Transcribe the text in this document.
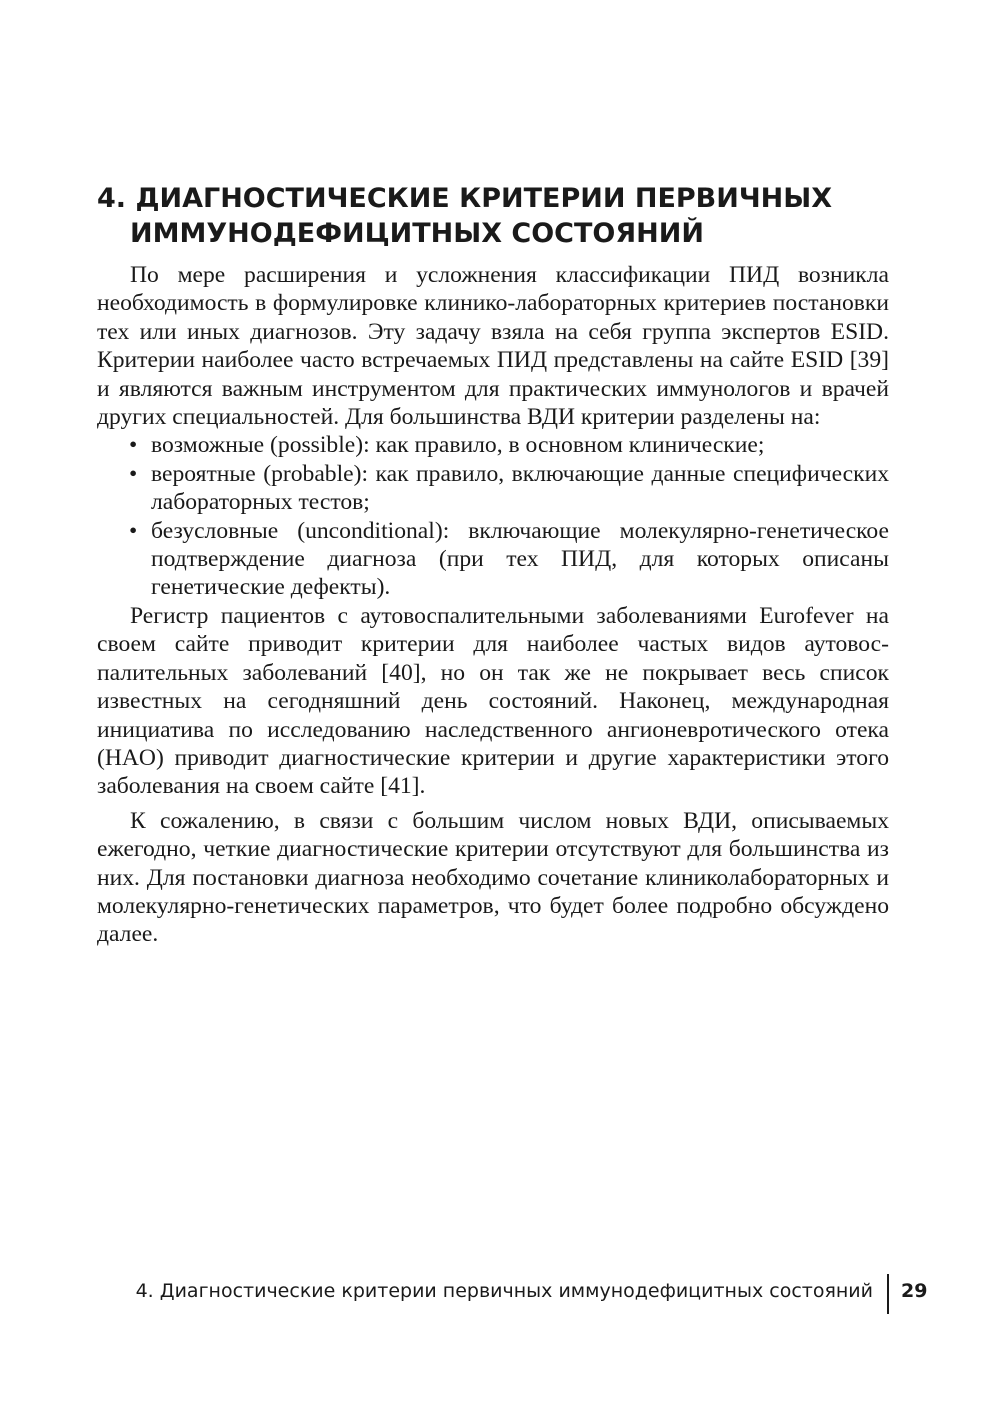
4. ДИАГНОСТИЧЕСКИЕ КРИТЕРИИ ПЕРВИЧНЫХ
ИММУНОДЕФИЦИТНЫХ СОСТОЯНИЙ

По мере расширения и усложнения классификации ПИД возникла необходимость в формулировке клинико-лабораторных критериев постановки тех или иных диагнозов. Эту задачу взяла на себя группа экспертов ESID. Критерии наиболее часто встречаемых ПИД представлены на сайте ESID [39] и являются важным инструментом для практических иммунологов и врачей других специальностей. Для большинства ВДИ критерии разделены на:

• возможные (possible): как правило, в основном клинические;
• вероятные (probable): как правило, включающие данные специфических лабораторных тестов;
• безусловные (unconditional): включающие молекулярно-генетическое подтверждение диагноза (при тех ПИД, для которых описаны генетические дефекты).

Регистр пациентов с аутовоспалительными заболеваниями Eurofever на своем сайте приводит критерии для наиболее частых видов аутовоспалительных заболеваний [40], но он так же не покрывает весь список известных на сегодняшний день состояний. Наконец, международная инициатива по исследованию наследственного ангионевротического отека (HAO) приводит диагностические критерии и другие характеристики этого заболевания на своем сайте [41].

К сожалению, в связи с большим числом новых ВДИ, описываемых ежегодно, четкие диагностические критерии отсутствуют для большинства из них. Для постановки диагноза необходимо сочетание клиниколабораторных и молекулярно-генетических параметров, что будет более подробно обсуждено далее.

4. Диагностические критерии первичных иммунодефицитных состояний 29
